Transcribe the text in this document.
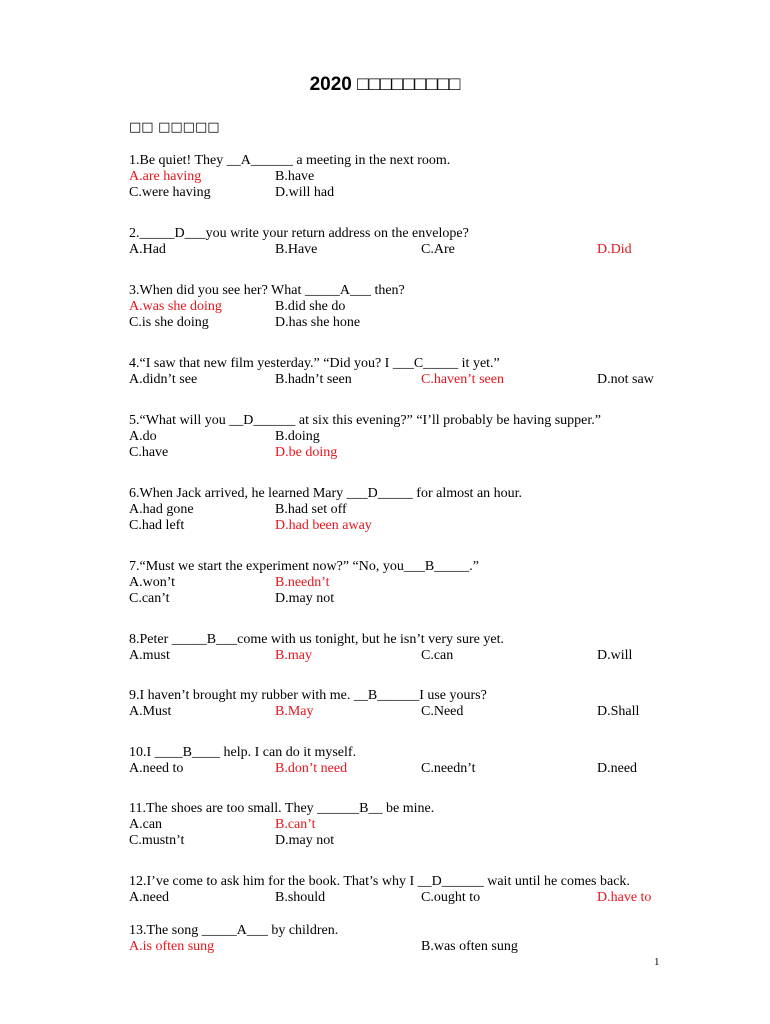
2020 □□□□□□□□□
□□ □□□□□
1.Be quiet! They __A______ a meeting in the next room.
A.are having	B.have
C.were having	D.will had
2._____D___you write your return address on the envelope?
A.Had	B.Have	C.Are	D.Did
3.When did you see her? What _____A___ then?
A.was she doing	B.did she do
C.is she doing	D.has she hone
4.“I saw that new film yesterday.” “Did you? I ___C_____ it yet.”
A.didn’t see	B.hadn’t seen	C.haven’t seen	D.not saw
5.“What will you __D______ at six this evening?” “I’ll probably be having supper.”
A.do	B.doing
C.have	D.be doing
6.When Jack arrived, he learned Mary ___D_____ for almost an hour.
A.had gone	B.had set off
C.had left	D.had been away
7.“Must we start the experiment now?” “No, you___B_____.”
A.won’t	B.needn’t
C.can’t	D.may not
8.Peter _____B___come with us tonight, but he isn’t very sure yet.
A.must	B.may	C.can	D.will
9.I haven’t brought my rubber with me. __B______I use yours?
A.Must	B.May	C.Need	D.Shall
10.I ____B____ help. I can do it myself.
A.need to	B.don’t need	C.needn’t	D.need
11.The shoes are too small. They ______B__ be mine.
A.can	B.can’t
C.mustn’t	D.may not
12.I’ve come to ask him for the book. That’s why I __D______ wait until he comes back.
A.need	B.should	C.ought to	D.have to
13.The song _____A___ by children.
A.is often sung	B.was often sung
1
